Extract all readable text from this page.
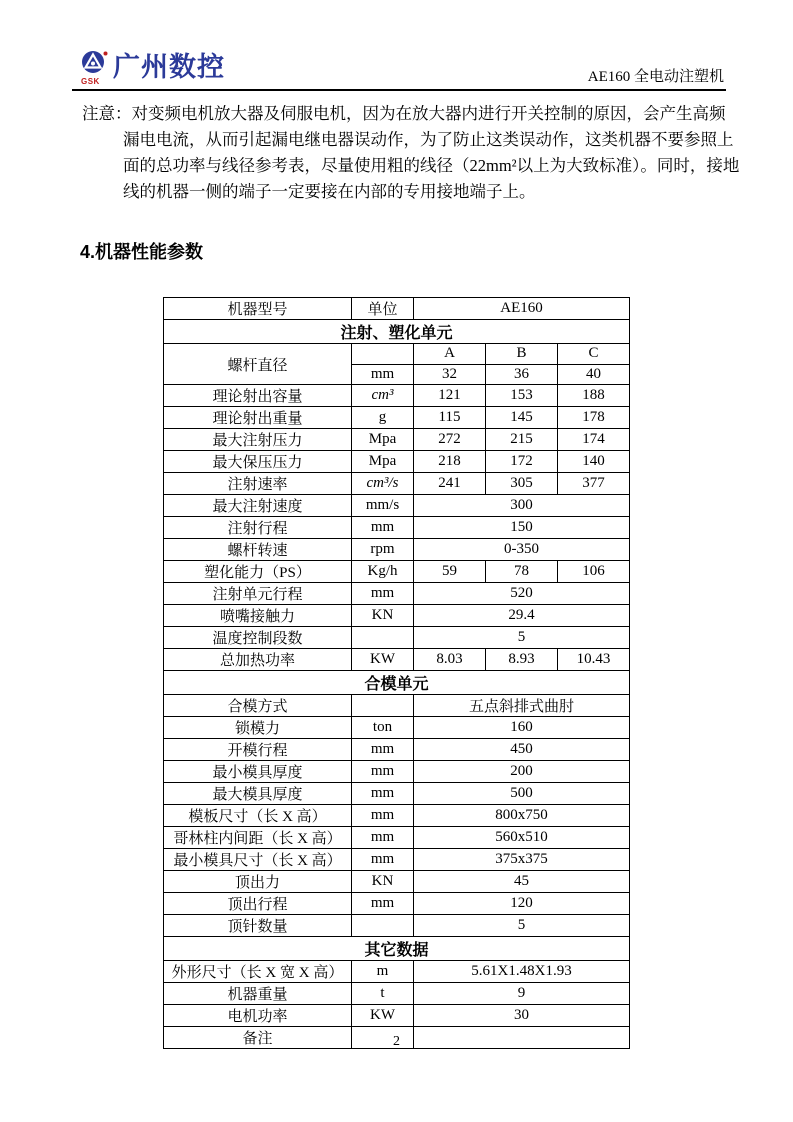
GSK 广州数控	AE160 全电动注塑机
注意：对变频电机放大器及伺服电机，因为在放大器内进行开关控制的原因，会产生高频
漏电电流，从而引起漏电继电器误动作，为了防止这类误动作，这类机器不要参照上
面的总功率与线径参考表，尽量使用粗的线径（22mm²以上为大致标准）。同时，接地
线的机器一侧的端子一定要接在内部的专用接地端子上。
4.机器性能参数
机器型号	单位	AE160		
注射、塑化单元				
螺杆直径		A	B	C
	mm	32	36	40
理论射出容量	cm³	121	153	188
理论射出重量	g	115	145	178
最大注射压力	Mpa	272	215	174
最大保压压力	Mpa	218	172	140
注射速率	cm³/s	241	305	377
最大注射速度	mm/s	300		
注射行程	mm	150		
螺杆转速	rpm	0-350		
塑化能力（PS）	Kg/h	59	78	106
注射单元行程	mm	520		
喷嘴接触力	KN	29.4		
温度控制段数		5		
总加热功率	KW	8.03	8.93	10.43
合模单元				
合模方式		五点斜排式曲肘		
锁模力	ton	160		
开模行程	mm	450		
最小模具厚度	mm	200		
最大模具厚度	mm	500		
模板尺寸（长 X 高）	mm	800x750		
哥林柱内间距（长 X 高）	mm	560x510		
最小模具尺寸（长 X 高）	mm	375x375		
顶出力	KN	45		
顶出行程	mm	120		
顶针数量		5		
其它数据				
外形尺寸（长 X 宽 X 高）	m	5.61X1.48X1.93		
机器重量	t	9		
电机功率	KW	30		
备注					2
